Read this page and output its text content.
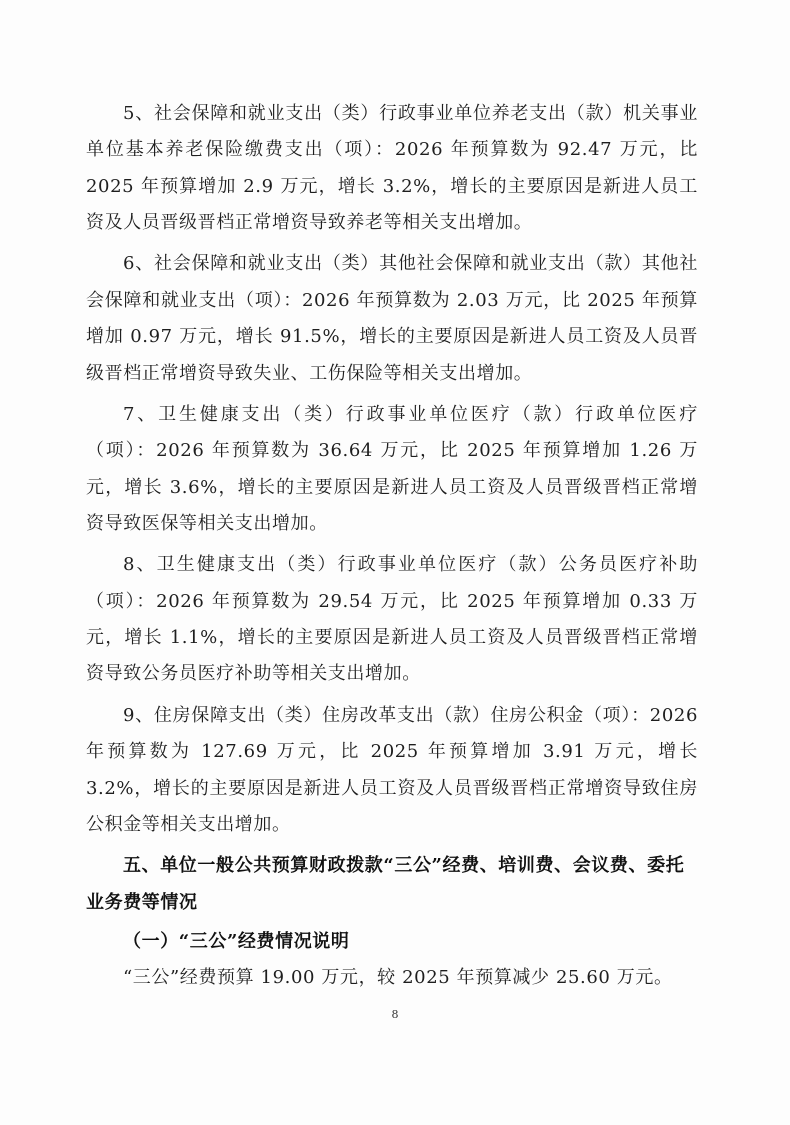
5、社会保障和就业支出（类）行政事业单位养老支出（款）机关事业单位基本养老保险缴费支出（项）：2026 年预算数为 92.47 万元，比 2025 年预算增加 2.9 万元，增长 3.2%，增长的主要原因是新进人员工资及人员晋级晋档正常增资导致养老等相关支出增加。

6、社会保障和就业支出（类）其他社会保障和就业支出（款）其他社会保障和就业支出（项）：2026 年预算数为 2.03 万元，比 2025 年预算增加 0.97 万元，增长 91.5%，增长的主要原因是新进人员工资及人员晋级晋档正常增资导致失业、工伤保险等相关支出增加。

7、卫生健康支出（类）行政事业单位医疗（款）行政单位医疗（项）：2026 年预算数为 36.64 万元，比 2025 年预算增加 1.26 万元，增长 3.6%，增长的主要原因是新进人员工资及人员晋级晋档正常增资导致医保等相关支出增加。

8、卫生健康支出（类）行政事业单位医疗（款）公务员医疗补助（项）：2026 年预算数为 29.54 万元，比 2025 年预算增加 0.33 万元，增长 1.1%，增长的主要原因是新进人员工资及人员晋级晋档正常增资导致公务员医疗补助等相关支出增加。

9、住房保障支出（类）住房改革支出（款）住房公积金（项）：2026 年预算数为 127.69 万元，比 2025 年预算增加 3.91 万元，增长 3.2%，增长的主要原因是新进人员工资及人员晋级晋档正常增资导致住房公积金等相关支出增加。

五、单位一般公共预算财政拨款“三公”经费、培训费、会议费、委托业务费等情况

（一）“三公”经费情况说明

“三公”经费预算 19.00 万元，较 2025 年预算减少 25.60 万元。

8
